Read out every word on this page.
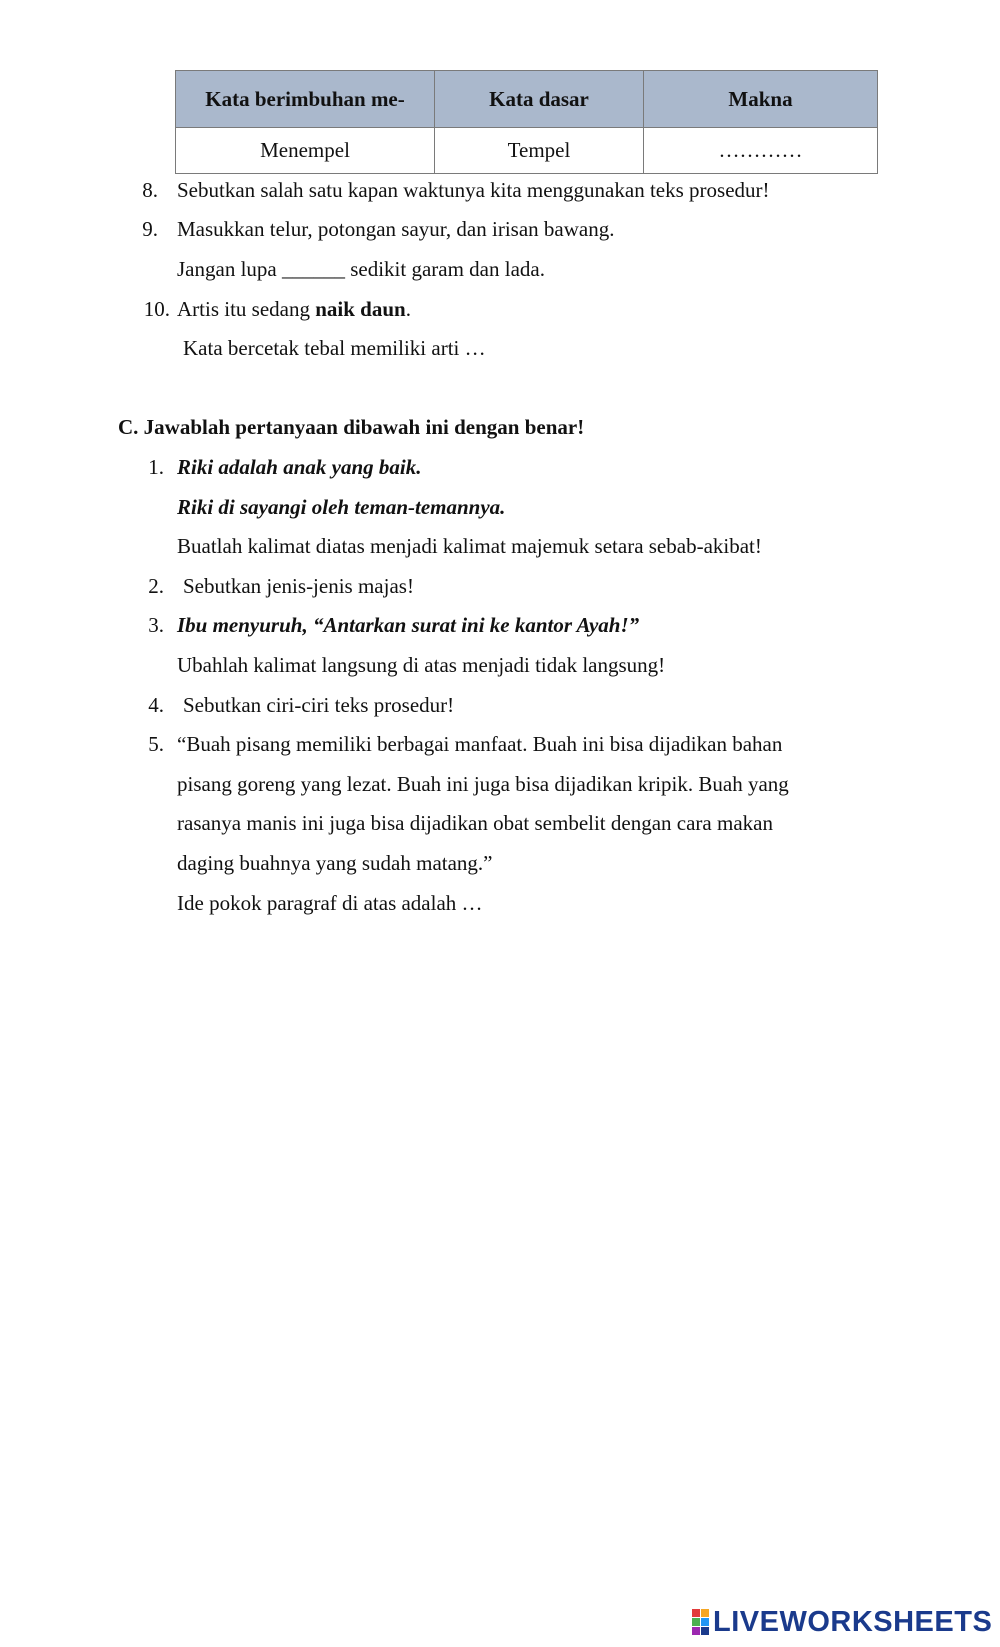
Kata berimbuhan me-	Kata dasar	Makna
Menempel	Tempel	…………
8. Sebutkan salah satu kapan waktunya kita menggunakan teks prosedur!
9. Masukkan telur, potongan sayur, dan irisan bawang.
Jangan lupa ______ sedikit garam dan lada.
10. Artis itu sedang naik daun.
Kata bercetak tebal memiliki arti …
C. Jawablah pertanyaan dibawah ini dengan benar!
1. Riki adalah anak yang baik.
Riki di sayangi oleh teman-temannya.
Buatlah kalimat diatas menjadi kalimat majemuk setara sebab-akibat!
2. Sebutkan jenis-jenis majas!
3. Ibu menyuruh, “Antarkan surat ini ke kantor Ayah!”
Ubahlah kalimat langsung di atas menjadi tidak langsung!
4. Sebutkan ciri-ciri teks prosedur!
5. “Buah pisang memiliki berbagai manfaat. Buah ini bisa dijadikan bahan
pisang goreng yang lezat. Buah ini juga bisa dijadikan kripik. Buah yang
rasanya manis ini juga bisa dijadikan obat sembelit dengan cara makan
daging buahnya yang sudah matang.”
Ide pokok paragraf di atas adalah …
LIVEWORKSHEETS
